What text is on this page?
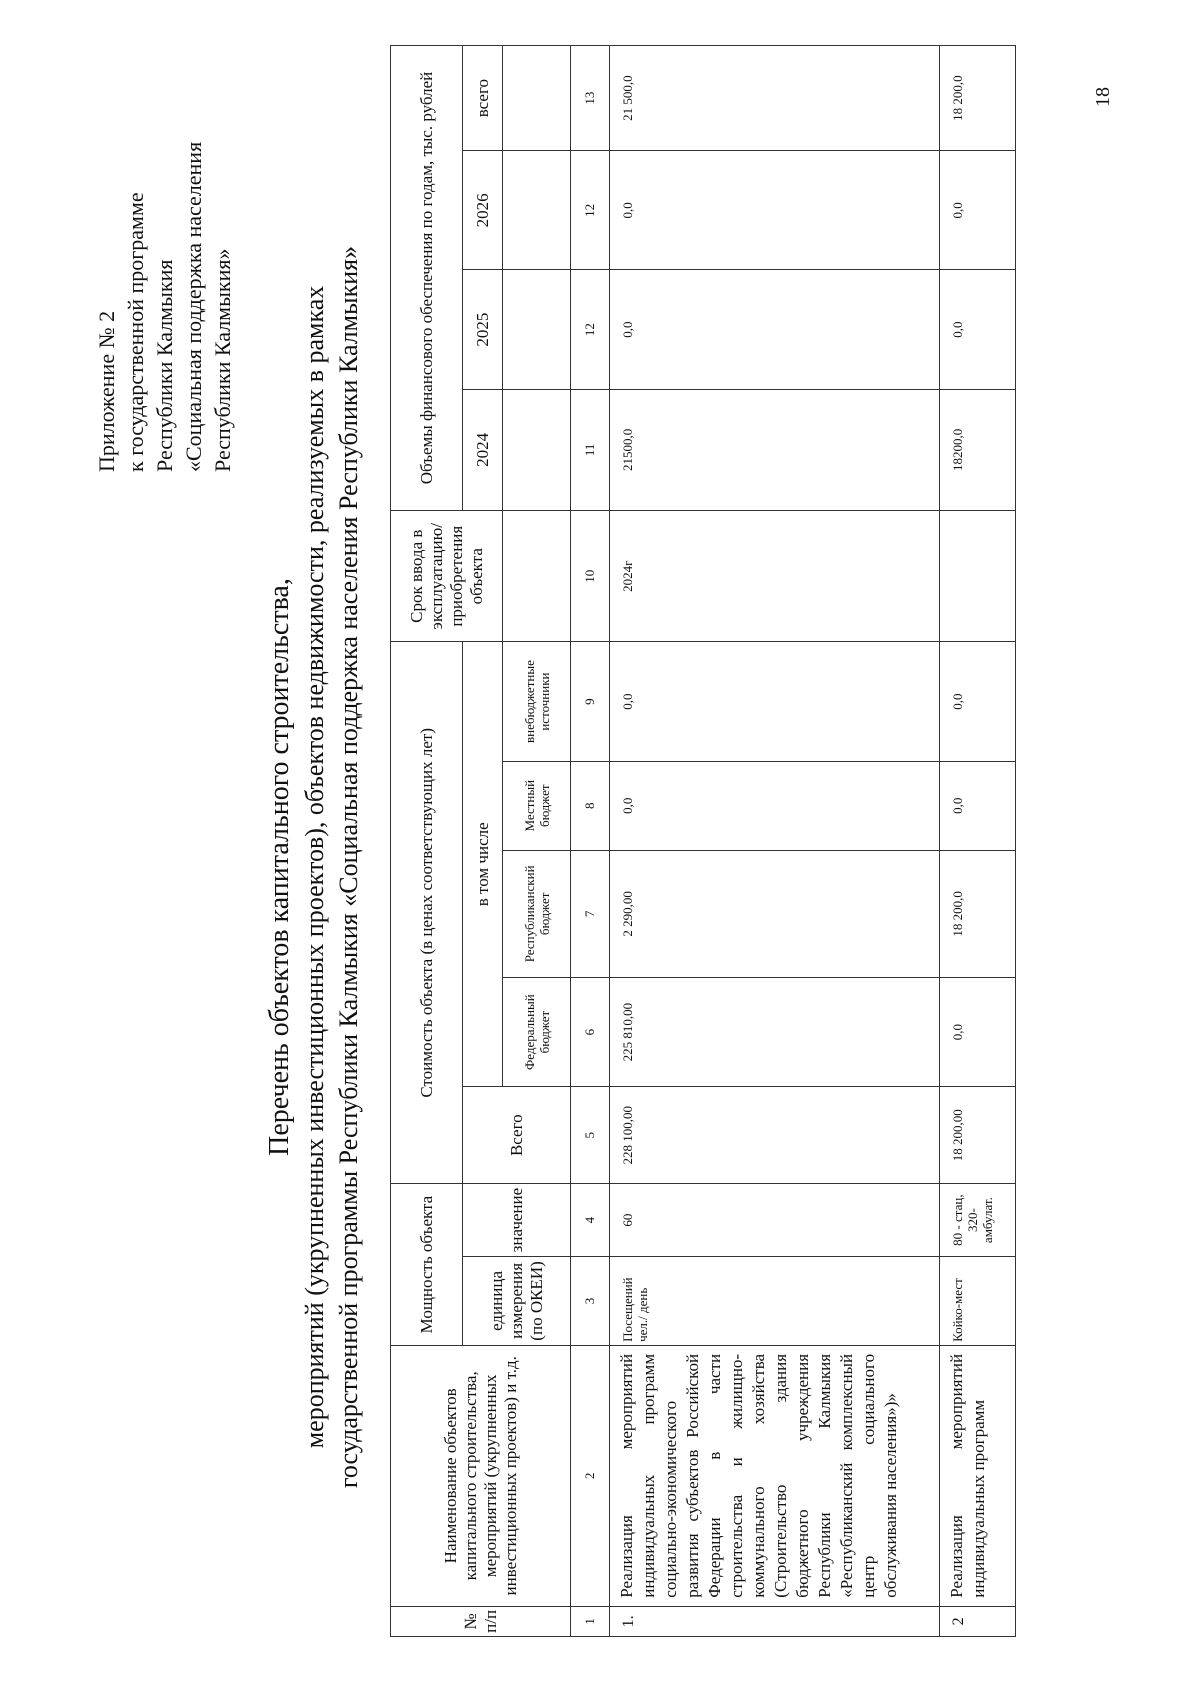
Приложение № 2
к государственной программе
Республики Калмыкия
«Социальная поддержка населения
Республики Калмыкия»
Перечень объектов капитального строительства, мероприятий (укрупненных инвестиционных проектов), объектов недвижимости, реализуемых в рамках государственной программы Республики Калмыкия «Социальная поддержка населения Республики Калмыкия»
№ п/п	Наименование объектов капитального строительства, мероприятий (укрупненных инвестиционных проектов) и т.д.	Мощность объекта		Стоимость объекта (в ценах соответствующих лет)					Срок ввода в эксплуатацию/ приобретения объекта	Объемы финансового обеспечения по годам, тыс. рублей			
		единица измерения (по ОКЕИ)	значение	Всего	в том числе					2024	2025	2026	всего
					Федеральный бюджет	Республиканский бюджет	Местный бюджет	внебюджетные источники					
1	2	3	4	5	6	7	8	9	10	11	12	12	13
1.	Реализация мероприятий индивидуальных программ социально-экономического развития субъектов Российской Федерации в части строительства и жилищно-коммунального хозяйства (Строительство здания бюджетного учреждения Республики Калмыкия «Республиканский комплексный центр социального обслуживания населения»)»	Посещений чел./ день	60	228 100,00	225 810,00	2 290,00	0,0	0,0	2024г	21500,0	0,0	0,0	21 500,0
2	Реализация мероприятий индивидуальных программ	Койко-мест	80 - стац, 320- амбулат.	18 200,00	0,0	18 200,0	0,0	0,0		18200,0	0,0	0,0	18 200,0	18
